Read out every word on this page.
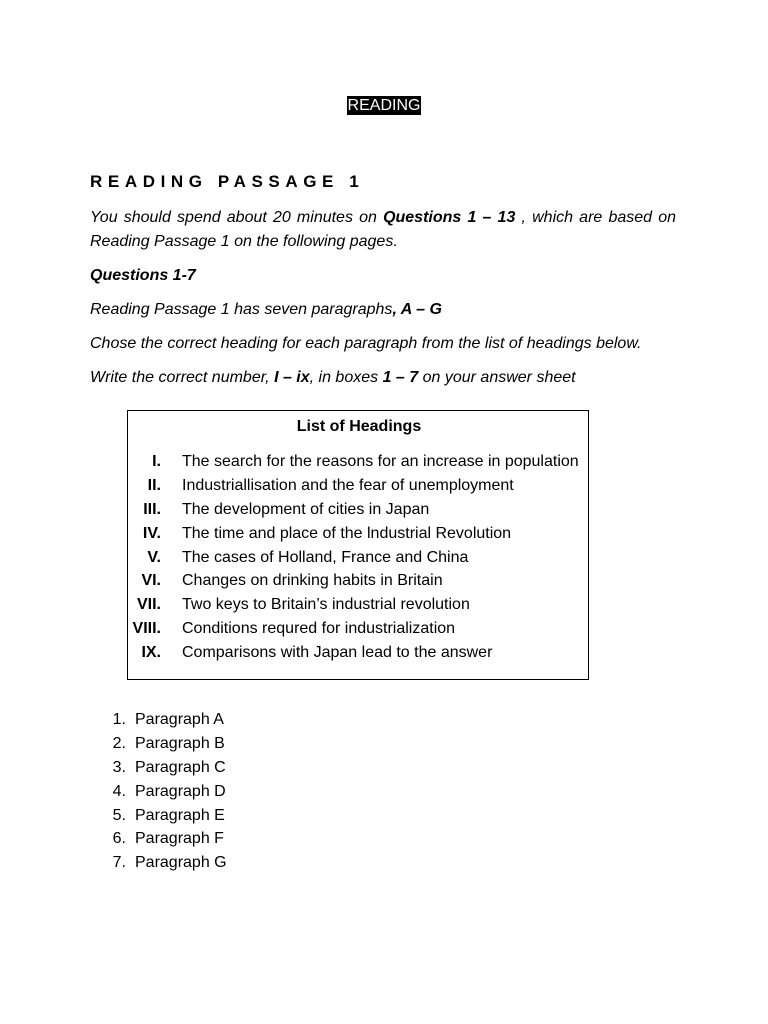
READING
READING PASSAGE 1
You should spend about 20 minutes on Questions 1 – 13 , which are based on Reading Passage 1 on the following pages.
Questions 1-7
Reading Passage 1 has seven paragraphs, A – G
Chose the correct heading for each paragraph from the list of headings below.
Write the correct number, I – ix, in boxes 1 – 7 on your answer sheet
List of Headings
I. The search for the reasons for an increase in population
II. Industriallisation and the fear of unemployment
III. The development of cities in Japan
IV. The time and place of the lndustrial Revolution
V. The cases of Holland, France and China
VI. Changes on drinking habits in Britain
VII. Two keys to Britain’s industrial revolution
VIII. Conditions requred for industrialization
IX. Comparisons with Japan lead to the answer
1. Paragraph A
2. Paragraph B
3. Paragraph C
4. Paragraph D
5. Paragraph E
6. Paragraph F
7. Paragraph G
